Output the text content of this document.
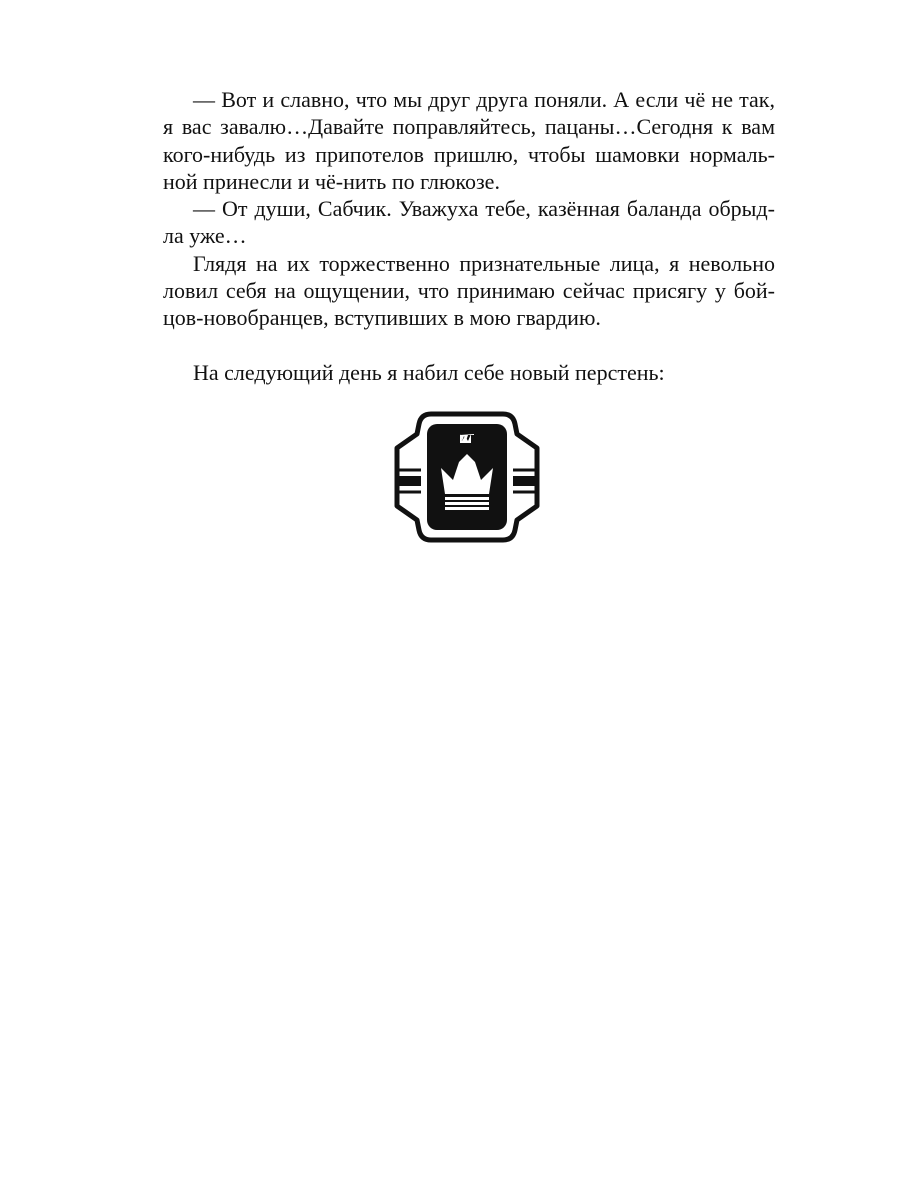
— Вот и славно, что мы друг друга поняли. А если чё не так,
я вас завалю…Давайте поправляйтесь, пацаны…Сегодня к вам
кого-нибудь из припотелов пришлю, чтобы шамовки нормаль-
ной принесли и чё-нить по глюкозе.

— От души, Сабчик. Уважуха тебе, казённая баланда обрыд-
ла уже…

Глядя на их торжественно признательные лица, я невольно
ловил себя на ощущении, что принимаю сейчас присягу у бой-
цов-новобранцев, вступивших в мою гвардию.

На следующий день я набил себе новый перстень:
